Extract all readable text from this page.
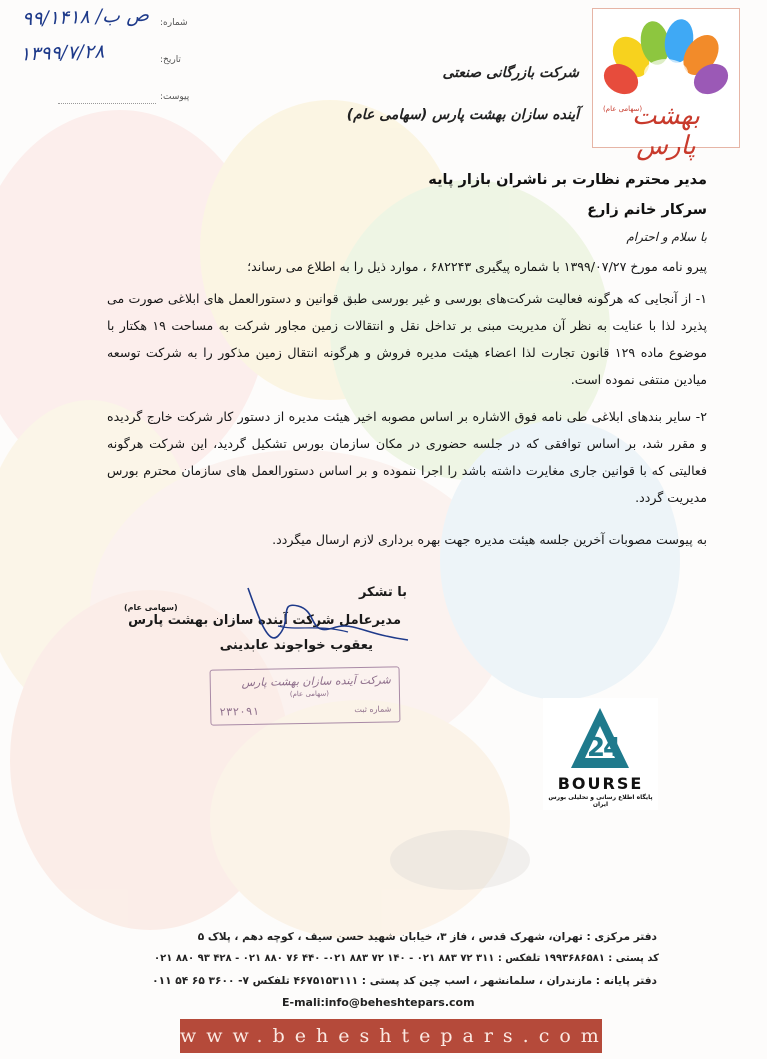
بهشت پارس
(سهامی عام)
شرکت بازرگانی صنعتی
آینده سازان بهشت پارس (سهامی عام)
شماره:
۹۹/ص ب/ ۱۴۱۸
تاریخ:
۱۳۹۹/۷/۲۸
پیوست:
مدیر محترم نظارت بر ناشران بازار پایه
سرکار خانم زارع
با سلام و احترام
پیرو نامه مورخ ۱۳۹۹/۰۷/۲۷ با شماره پیگیری ۶۸۲۲۴۳ ، موارد ذیل را به اطلاع می رساند؛
۱- از آنجایی که هرگونه فعالیت شرکت‌های بورسی و غیر بورسی طبق قوانین و دستورالعمل های ابلاغی صورت می پذیرد لذا با عنایت به نظر آن مدیریت مبنی بر تداخل نقل و انتقالات زمین مجاور شرکت به مساحت ۱۹ هکتار با موضوع ماده ۱۲۹ قانون تجارت لذا اعضاء هیئت مدیره فروش و هرگونه انتقال زمین مذکور را به شرکت توسعه میادین منتفی نموده است.
۲- سایر بندهای ابلاغی طی نامه فوق الاشاره بر اساس مصوبه اخیر هیئت مدیره از دستور کار شرکت خارج گردیده و مقرر شد، بر اساس توافقی که در جلسه حضوری در مکان سازمان بورس تشکیل گردید، این شرکت هرگونه فعالیتی که با قوانین جاری مغایرت داشته باشد را اجرا ننموده و بر اساس دستورالعمل های سازمان محترم بورس مدیریت گردد.
به پیوست مصوبات آخرین جلسه هیئت مدیره جهت بهره برداری لازم ارسال میگردد.
با تشکر
مدیرعامل شرکت آینده سازان بهشت پارس
(سهامی عام)
یعقوب خواجوند عابدینی
شرکت آینده سازان بهشت پارس
(سهامی عام)
شماره ثبت
۲۳۲۰۹۱
2
4
BOURSE
پایگاه اطلاع رسانی و تحلیلی بورس ایران
دفتر مرکزی : تهران، شهرک قدس ، فاز ۳، خیابان شهید حسن سیف ، کوچه دهم ، پلاک ۵
کد پستی : ۱۹۹۳۶۸۶۵۸۱ تلفکس : ۳۱۱ ۷۲ ۸۸۳ ۰۲۱ - ۱۴۰ ۷۲ ۸۸۳ ۰۲۱- ۴۴۰ ۷۶ ۸۸۰ ۰۲۱ - ۴۲۸ ۹۳ ۸۸۰ ۰۲۱
دفتر پایانه : مازندران ، سلمانشهر ، اسب چین کد پستی : ۴۶۷۵۱۵۳۱۱۱ تلفکس ۷- ۳۶۰۰ ۶۵ ۵۴ ۰۱۱
E-mali:info@beheshtepars.com
www.beheshtepars.com
